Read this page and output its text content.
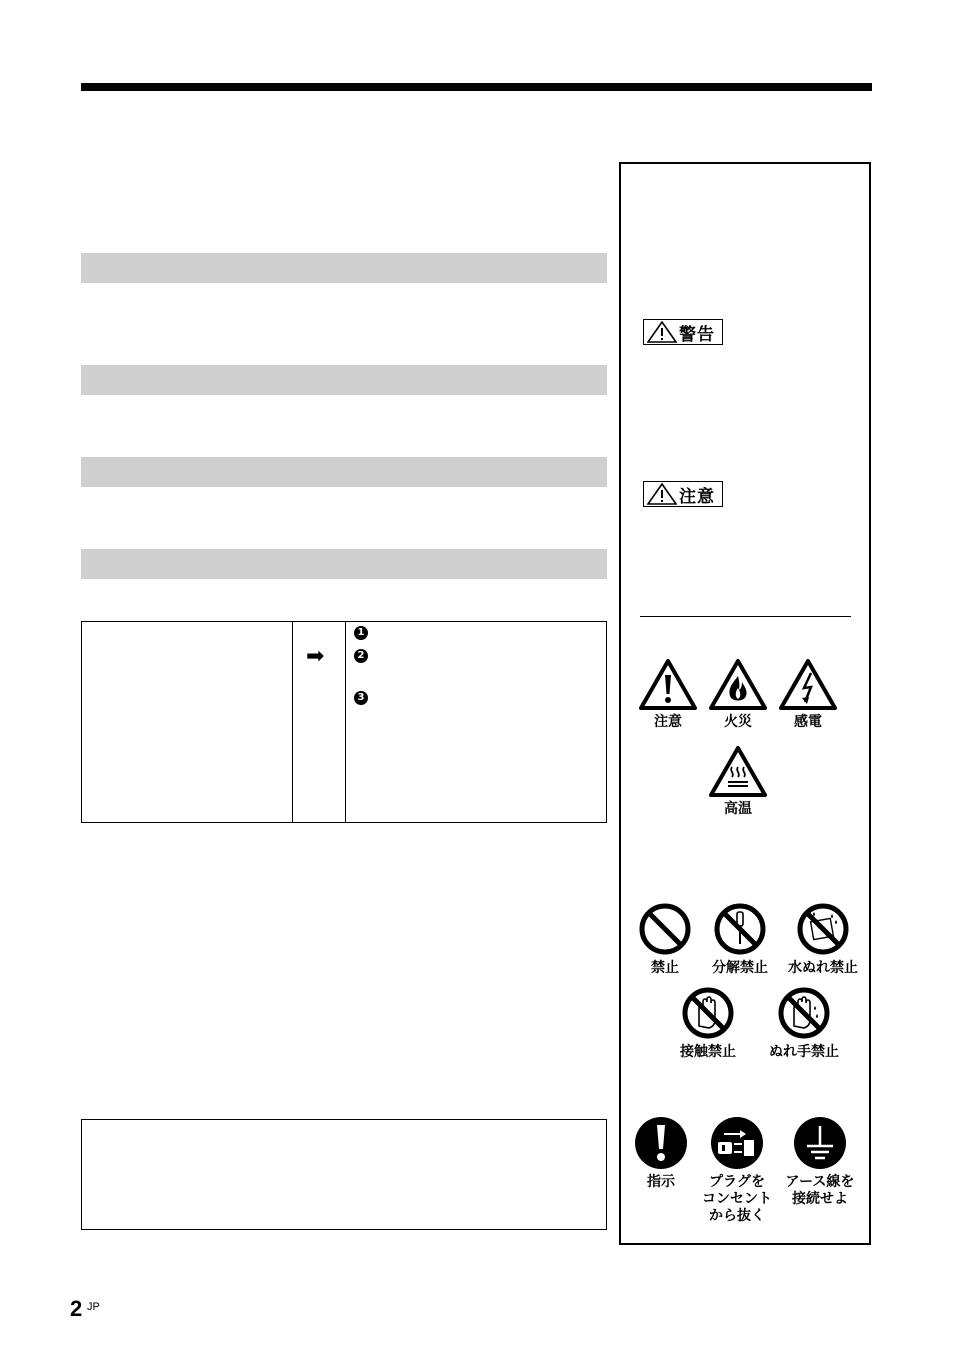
➡
1
2
3
警告
注意
注意	火災	感電
高温
禁止 分解禁止 水ぬれ禁止
接触禁止 ぬれ手禁止
指示	プラグを
コンセント
から抜く
アース線を
接続せよ
2 JP
